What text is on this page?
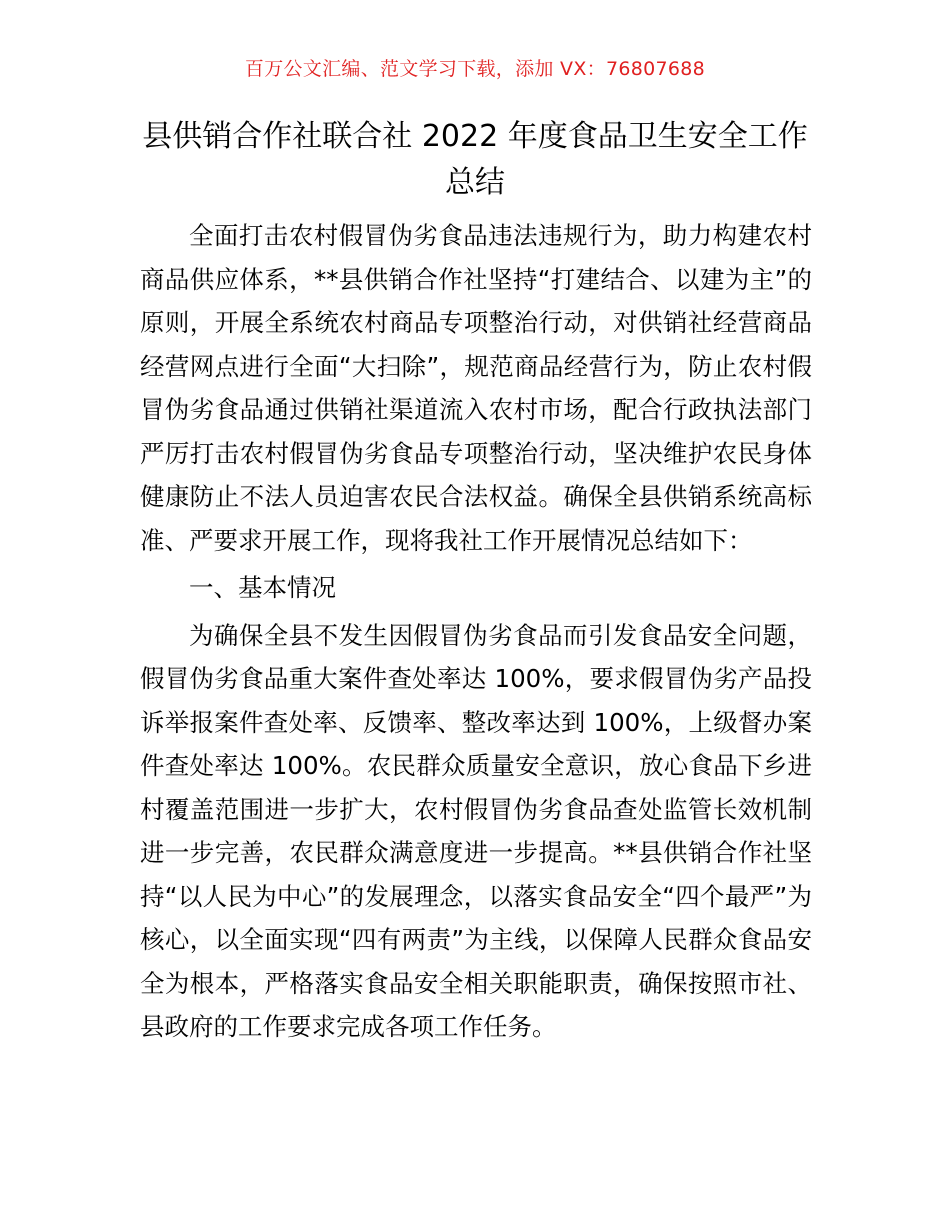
百万公文汇编、范文学习下载，添加 VX：76807688
县供销合作社联合社 2022 年度食品卫生安全工作总结

全面打击农村假冒伪劣食品违法违规行为，助力构建农村商品供应体系，**县供销合作社坚持“打建结合、以建为主”的原则，开展全系统农村商品专项整治行动，对供销社经营商品经营网点进行全面“大扫除”，规范商品经营行为，防止农村假冒伪劣食品通过供销社渠道流入农村市场，配合行政执法部门严厉打击农村假冒伪劣食品专项整治行动，坚决维护农民身体健康防止不法人员迫害农民合法权益。确保全县供销系统高标准、严要求开展工作，现将我社工作开展情况总结如下：

一、基本情况

为确保全县不发生因假冒伪劣食品而引发食品安全问题，假冒伪劣食品重大案件查处率达 100%，要求假冒伪劣产品投诉举报案件查处率、反馈率、整改率达到 100%，上级督办案件查处率达 100%。农民群众质量安全意识，放心食品下乡进村覆盖范围进一步扩大，农村假冒伪劣食品查处监管长效机制进一步完善，农民群众满意度进一步提高。**县供销合作社坚持“以人民为中心”的发展理念，以落实食品安全“四个最严”为核心，以全面实现“四有两责”为主线，以保障人民群众食品安全为根本，严格落实食品安全相关职能职责，确保按照市社、县政府的工作要求完成各项工作任务。
